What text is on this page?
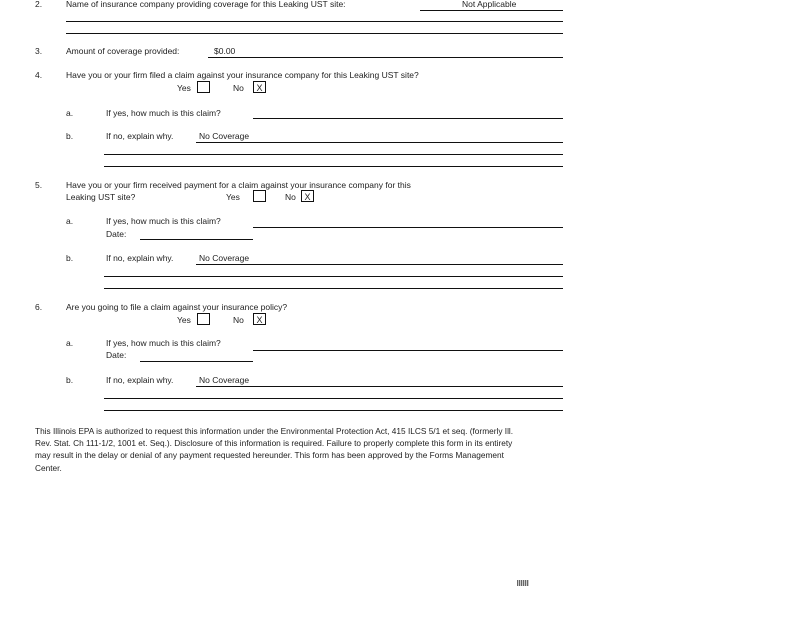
2.	Name of insurance company providing coverage for this Leaking UST site:	Not Applicable
3.	Amount of coverage provided:	$0.00
4.	Have you or your firm filed a claim against your insurance company for this Leaking UST site?
Yes	No	X
a.	If yes, how much is this claim?
b.	If no, explain why.	No Coverage
5.	Have you or your firm received payment for a claim against your insurance company for this
Leaking UST site?	Yes	No X
a.	If yes, how much is this claim?
Date:
b.	If no, explain why.	No Coverage
6.	Are you going to file a claim against your insurance policy?
Yes	No	X
a.	If yes, how much is this claim?
Date:
b.	If no, explain why.	No Coverage
This Illinois EPA is authorized to request this information under the Environmental Protection Act, 415 ILCS 5/1 et seq. (formerly Ill. Rev. Stat. Ch 111-1/2, 1001 et. Seq.). Disclosure of this information is required. Failure to properly complete this form in its entirety may result in the delay or denial of any payment requested hereunder. This form has been approved by the Forms Management Center.
